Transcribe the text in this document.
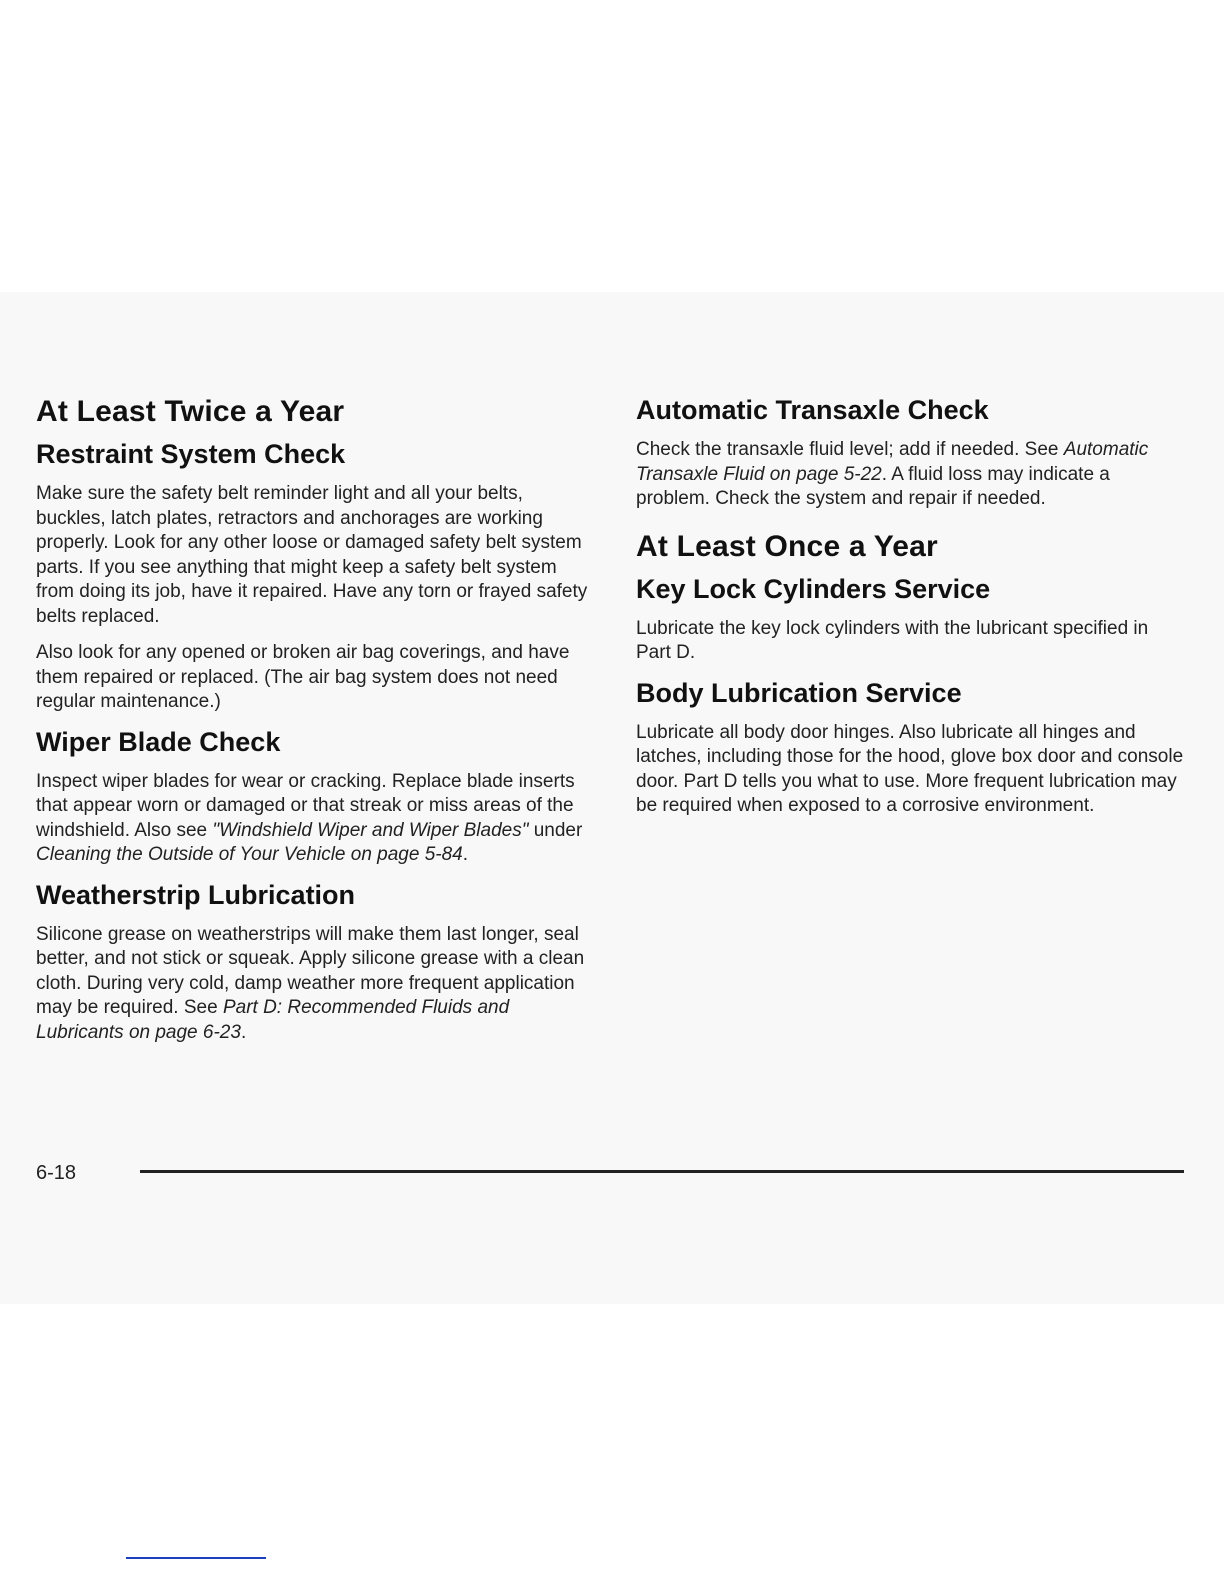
At Least Twice a Year
Restraint System Check

Make sure the safety belt reminder light and all your belts, buckles, latch plates, retractors and anchorages are working properly. Look for any other loose or damaged safety belt system parts. If you see anything that might keep a safety belt system from doing its job, have it repaired. Have any torn or frayed safety belts replaced.

Also look for any opened or broken air bag coverings, and have them repaired or replaced. (The air bag system does not need regular maintenance.)

Wiper Blade Check

Inspect wiper blades for wear or cracking. Replace blade inserts that appear worn or damaged or that streak or miss areas of the windshield. Also see "Windshield Wiper and Wiper Blades" under Cleaning the Outside of Your Vehicle on page 5-84.

Weatherstrip Lubrication

Silicone grease on weatherstrips will make them last longer, seal better, and not stick or squeak. Apply silicone grease with a clean cloth. During very cold, damp weather more frequent application may be required. See Part D: Recommended Fluids and Lubricants on page 6-23.

Automatic Transaxle Check

Check the transaxle fluid level; add if needed. See Automatic Transaxle Fluid on page 5-22. A fluid loss may indicate a problem. Check the system and repair if needed.

At Least Once a Year
Key Lock Cylinders Service

Lubricate the key lock cylinders with the lubricant specified in Part D.

Body Lubrication Service

Lubricate all body door hinges. Also lubricate all hinges and latches, including those for the hood, glove box door and console door. Part D tells you what to use. More frequent lubrication may be required when exposed to a corrosive environment.

6-18
